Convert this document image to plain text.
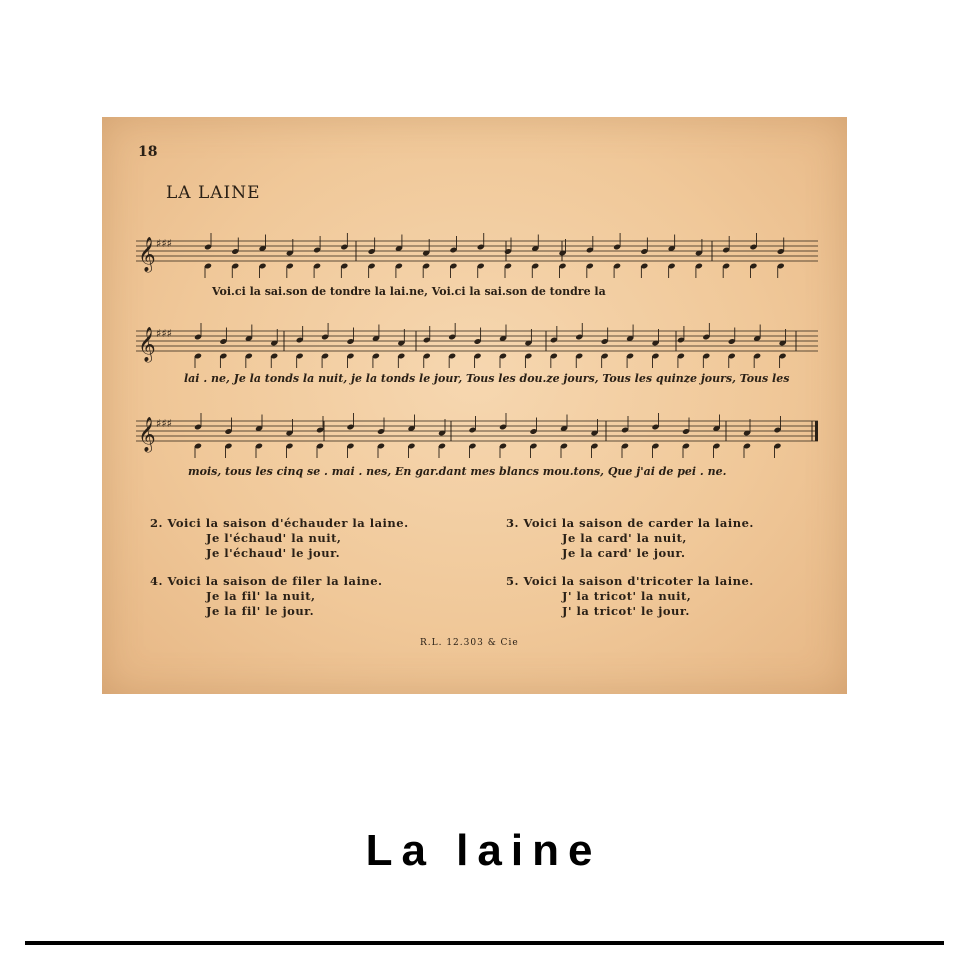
18
LA LAINE
𝄞 ♯♯♯
Voi.ci la sai.son de tondre la lai.ne, Voi.ci la sai.son de tondre la
𝄞 ♯♯♯
lai . ne, Je la tonds la nuit, je la tonds le jour, Tous les dou.ze jours, Tous les quinze jours, Tous les
𝄞 ♯♯♯
mois, tous les cinq se . mai . nes, En gar.dant mes blancs mou.tons, Que j'ai de pei . ne.
2. Voici la saison d'échauder la laine.
Je l'échaud' la nuit,
Je l'échaud' le jour.
3. Voici la saison de carder la laine.
Je la card' la nuit,
Je la card' le jour.
4. Voici la saison de filer la laine.
Je la fil' la nuit,
Je la fil' le jour.
5. Voici la saison d'tricoter la laine.
J' la tricot' la nuit,
J' la tricot' le jour.
R.L. 12.303 & Cie
La laine
